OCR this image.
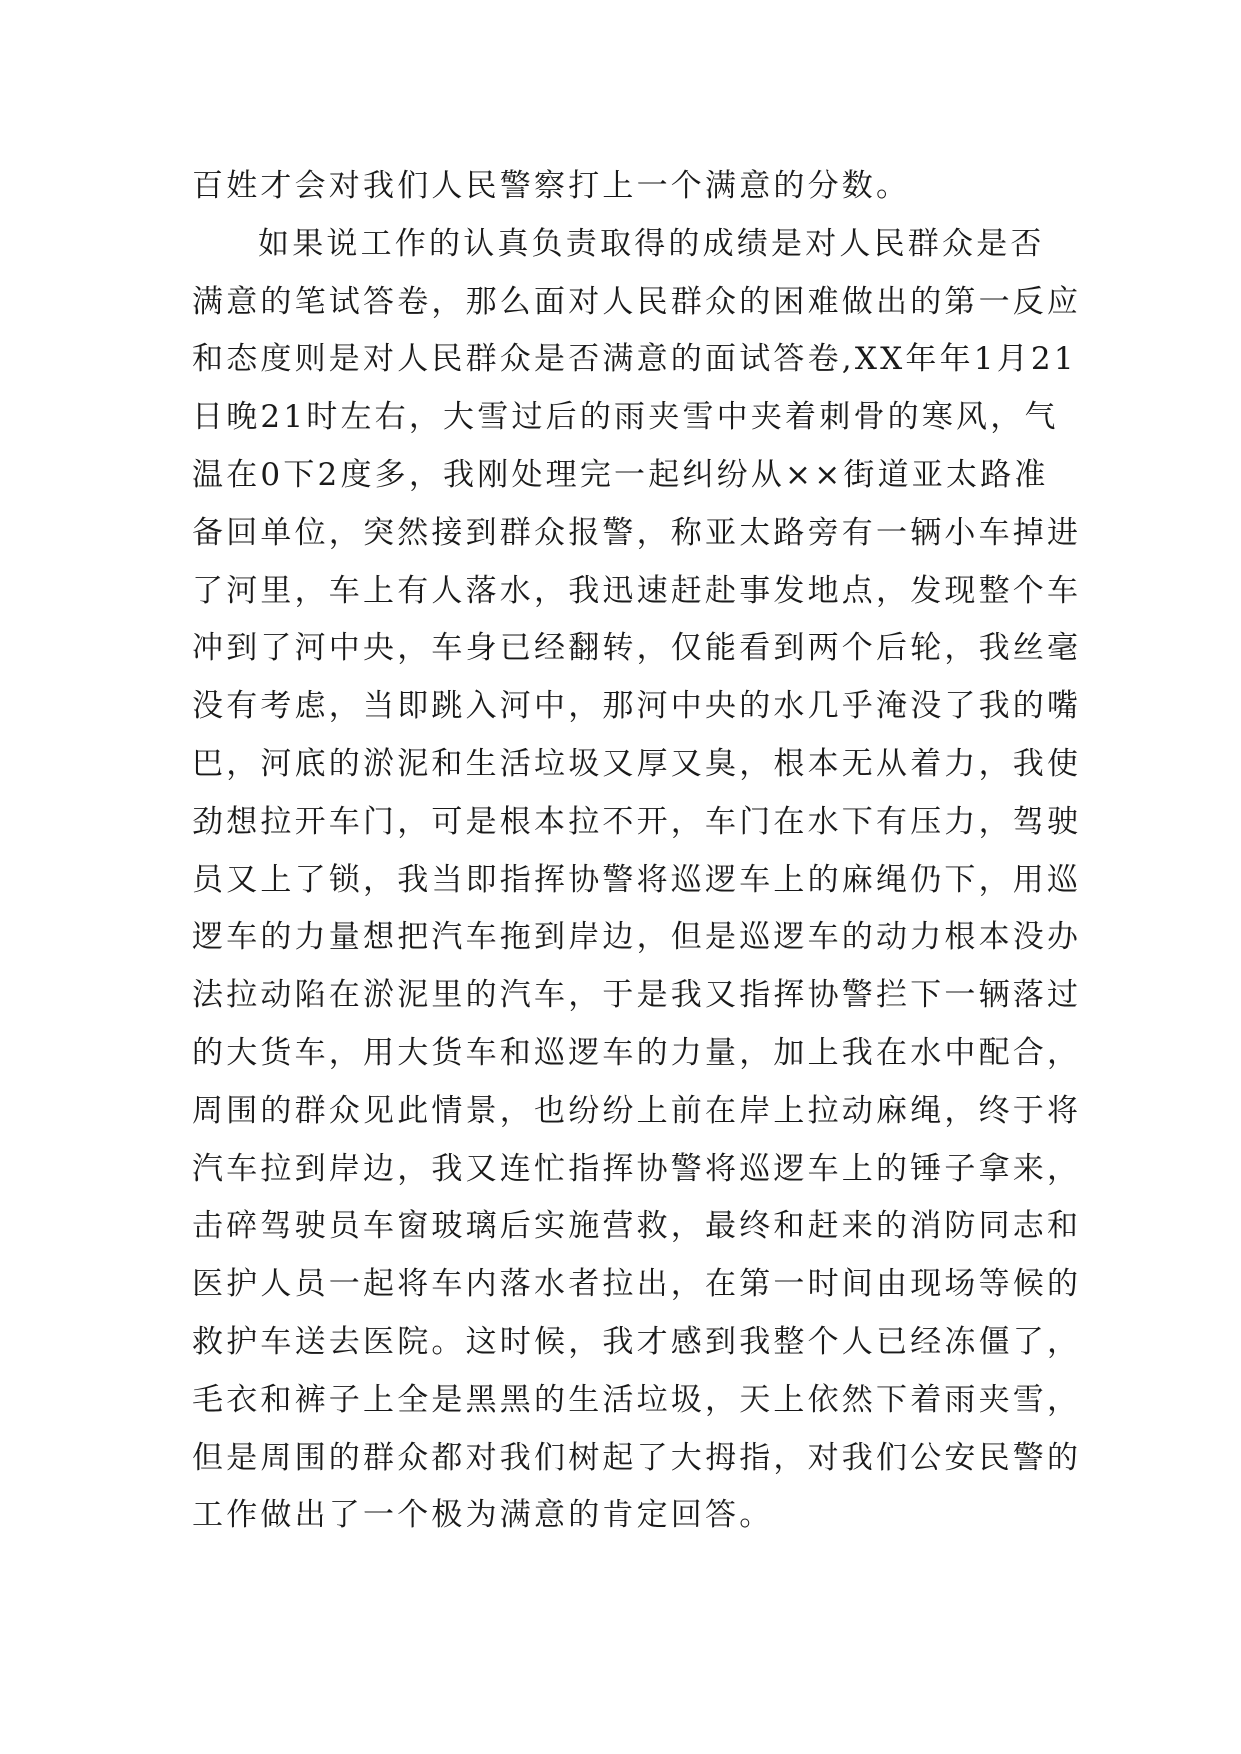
百姓才会对我们人民警察打上一个满意的分数。
如果说工作的认真负责取得的成绩是对人民群众是否
满意的笔试答卷，那么面对人民群众的困难做出的第一反应
和态度则是对人民群众是否满意的面试答卷,XX年年1月21
日晚21时左右，大雪过后的雨夹雪中夹着刺骨的寒风，气
温在0下2度多，我刚处理完一起纠纷从××街道亚太路准
备回单位，突然接到群众报警，称亚太路旁有一辆小车掉进
了河里，车上有人落水，我迅速赶赴事发地点，发现整个车
冲到了河中央，车身已经翻转，仅能看到两个后轮，我丝毫
没有考虑，当即跳入河中，那河中央的水几乎淹没了我的嘴
巴，河底的淤泥和生活垃圾又厚又臭，根本无从着力，我使
劲想拉开车门，可是根本拉不开，车门在水下有压力，驾驶
员又上了锁，我当即指挥协警将巡逻车上的麻绳仍下，用巡
逻车的力量想把汽车拖到岸边，但是巡逻车的动力根本没办
法拉动陷在淤泥里的汽车，于是我又指挥协警拦下一辆落过
的大货车，用大货车和巡逻车的力量，加上我在水中配合，
周围的群众见此情景，也纷纷上前在岸上拉动麻绳，终于将
汽车拉到岸边，我又连忙指挥协警将巡逻车上的锤子拿来，
击碎驾驶员车窗玻璃后实施营救，最终和赶来的消防同志和
医护人员一起将车内落水者拉出，在第一时间由现场等候的
救护车送去医院。这时候，我才感到我整个人已经冻僵了，
毛衣和裤子上全是黑黑的生活垃圾，天上依然下着雨夹雪，
但是周围的群众都对我们树起了大拇指，对我们公安民警的
工作做出了一个极为满意的肯定回答。
